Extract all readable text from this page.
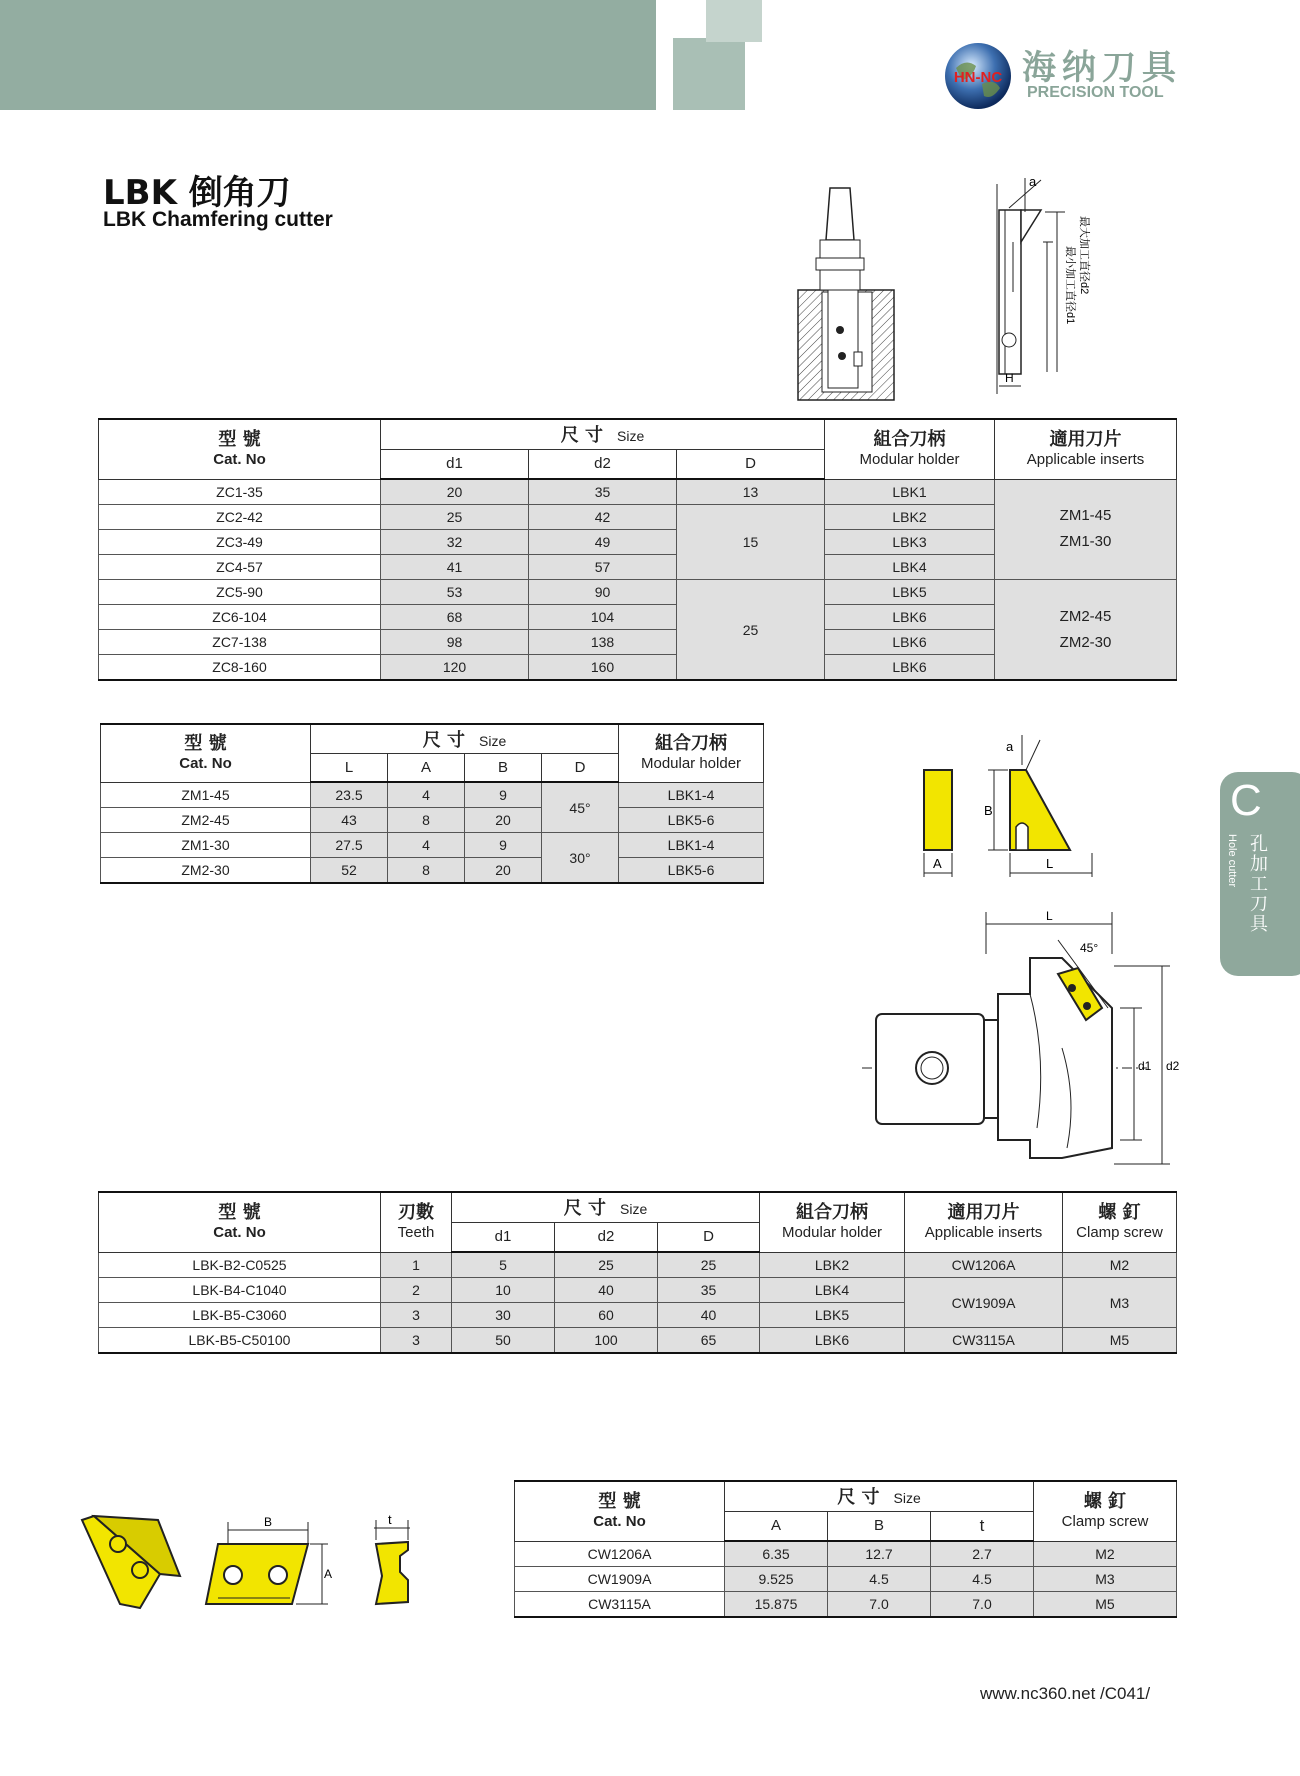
HN-NC 海纳刀具
PRECISION TOOL
LBK 倒角刀
LBK Chamfering cutter
a
最大加工直径d2
最小加工直径d1
H
型 號
Cat. No	尺 寸 Size			組合刀柄
Modular holder	適用刀片
Applicable inserts

	d1	d2	D		
ZC1-35	20	35	13	LBK1	ZM1-45
ZM1-30

ZC2-42	25	42	15	LBK2	
ZC3-49	32	49		LBK3	
ZC4-57	41	57		LBK4	
ZC5-90	53	90	25	LBK5	ZM2-45
ZM2-30

ZC6-104	68	104		LBK6	
ZC7-138	98	138		LBK6	
ZC8-160	120	160		LBK6	
型 號
Cat. No	尺 寸 Size				組合刀柄
Modular holder

	L	A	B	D	
ZM1-45	23.5	4	9	45°	LBK1-4
ZM2-45	43	8	20		LBK5-6
ZM1-30	27.5	4	9	30°	LBK1-4
ZM2-30	52	8	20		LBK5-6
a
B
A	L
C
孔加工刀具
Hole cutter
L
45°
d1 d2
型 號
Cat. No	刃數
Teeth	尺 寸 Size			組合刀柄
Modular holder	適用刀片
Applicable inserts	螺 釘
Clamp screw

		d1	d2	D			
LBK-B2-C0525	1	5	25	25	LBK2	CW1206A	M2
LBK-B4-C1040	2	10	40	35	LBK4	CW1909A	M3
LBK-B5-C3060	3	30	60	40	LBK5		
LBK-B5-C50100	3	50	100	65	LBK6	CW3115A	M5
B
A
t
型 號
Cat. No	尺 寸 Size			螺 釘
Clamp screw

	A	B	t	
CW1206A	6.35	12.7	2.7	M2
CW1909A	9.525	4.5	4.5	M3
CW3115A	15.875	7.0	7.0	M5
www.nc360.net /C041/
